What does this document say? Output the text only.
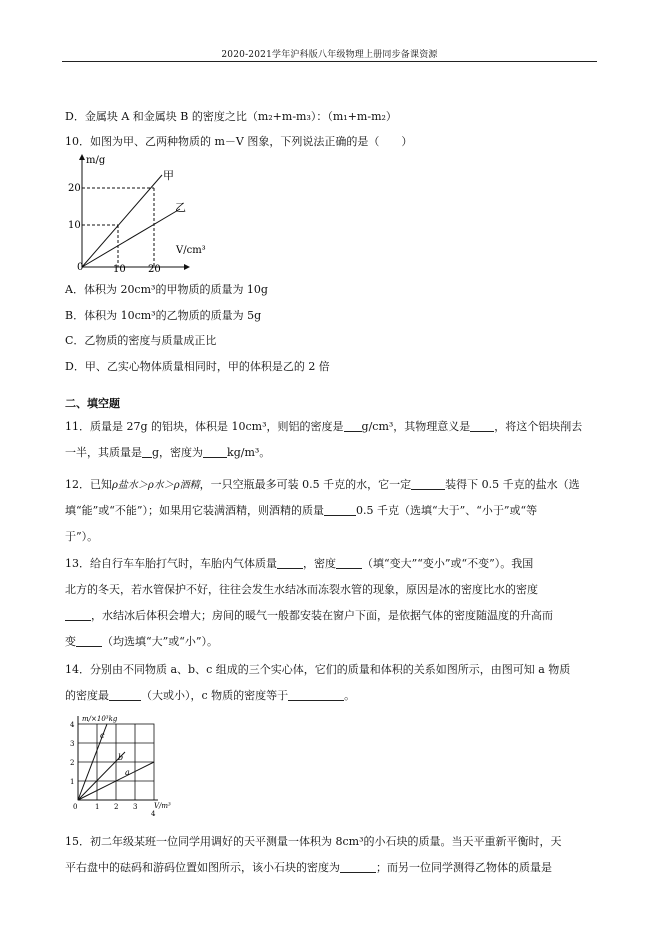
2020-2021学年沪科版八年级物理上册同步备课资源
D．金属块 A 和金属块 B 的密度之比（m₂+m-m₃）：（m₁+m-m₂）
10．如图为甲、乙两种物质的 m－V 图象，下列说法正确的是（　　）
m/g
V/cm³
20
10
0	10 20
甲
乙
A．体积为 20cm³的甲物质的质量为 10g
B．体积为 10cm³的乙物质的质量为 5g
C．乙物质的密度与质量成正比
D．甲、乙实心物体质量相同时，甲的体积是乙的 2 倍
二、填空题
11．质量是 27g 的铝块，体积是 10cm³，则铝的密度是 g/cm³，其物理意义是 ，将这个铝块削去
一半，其质量是 g，密度为 kg/m³。
12．已知ρ盐水＞ρ水＞ρ酒精，一只空瓶最多可装 0.5 千克的水，它一定	装得下 0.5 千克的盐水（选
填“能”或“不能”）；如果用它装满酒精，则酒精的质量	0.5 千克（选填“大于”、“小于”或“等
于”）。
13．给自行车车胎打气时，车胎内气体质量 ，密度 （填“变大”“变小”或“不变”）。我国
北方的冬天，若水管保护不好，往往会发生水结冰而冻裂水管的现象，原因是冰的密度比水的密度
，水结冰后体积会增大；房间的暖气一般都安装在窗户下面，是依据气体的密度随温度的升高而
变 （均选填“大”或“小”）。
14．分别由不同物质 a、b、c 组成的三个实心体，它们的质量和体积的关系如图所示，由图可知 a 物质
的密度最	（大或小），c 物质的密度等于	。
m/×10³kg
V/m³
4
3
2
1
0	1 2 3
4
c
b
a
15．初二年级某班一位同学用调好的天平测量一体积为 8cm³的小石块的质量。当天平重新平衡时，天
平右盘中的砝码和游码位置如图所示，该小石块的密度为	；而另一位同学测得乙物体的质量是
